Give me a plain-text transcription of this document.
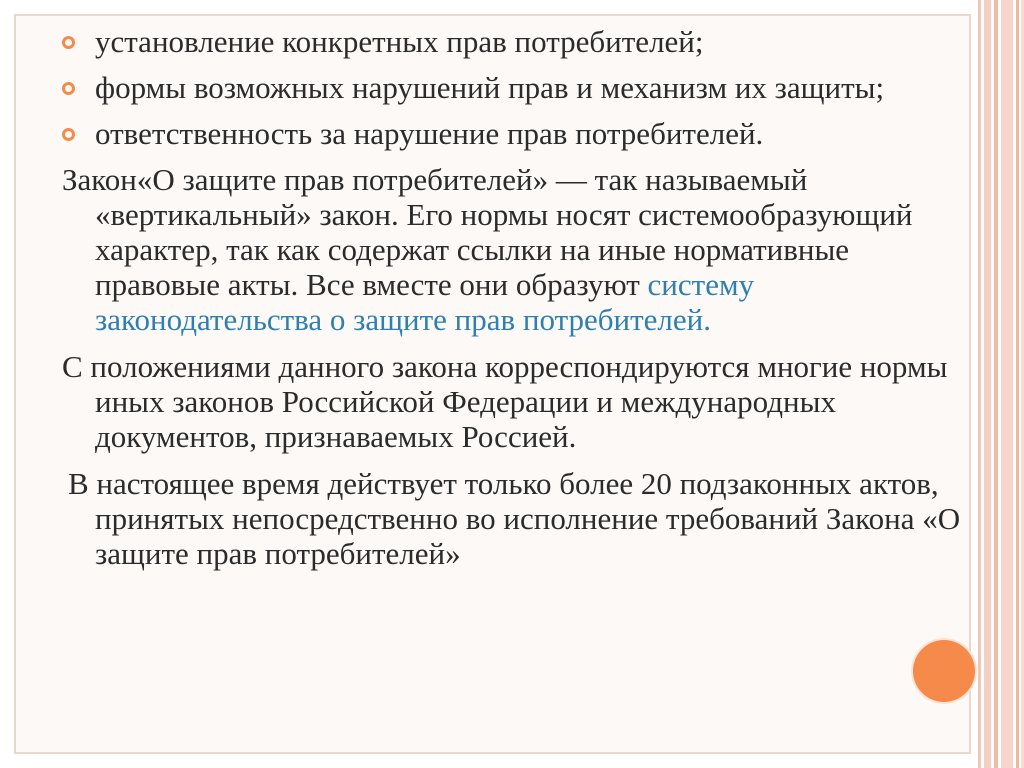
установление конкретных прав потребителей;
формы возможных нарушений прав и механизм их защиты;
ответственность за нарушение прав потребителей.
Закон«О защите прав потребителей» — так называемый «вертикальный» закон. Его нормы носят системообразующий характер, так как содержат ссылки на иные нормативные правовые акты. Все вместе они образуют систему законодательства о защите прав потребителей.
С положениями данного закона корреспондируются многие нормы иных законов Российской Федерации и международных документов, признаваемых Россией.
В настоящее время действует только более 20 подзаконных актов, принятых непосредственно во исполнение требований Закона «О защите прав потребителей»
